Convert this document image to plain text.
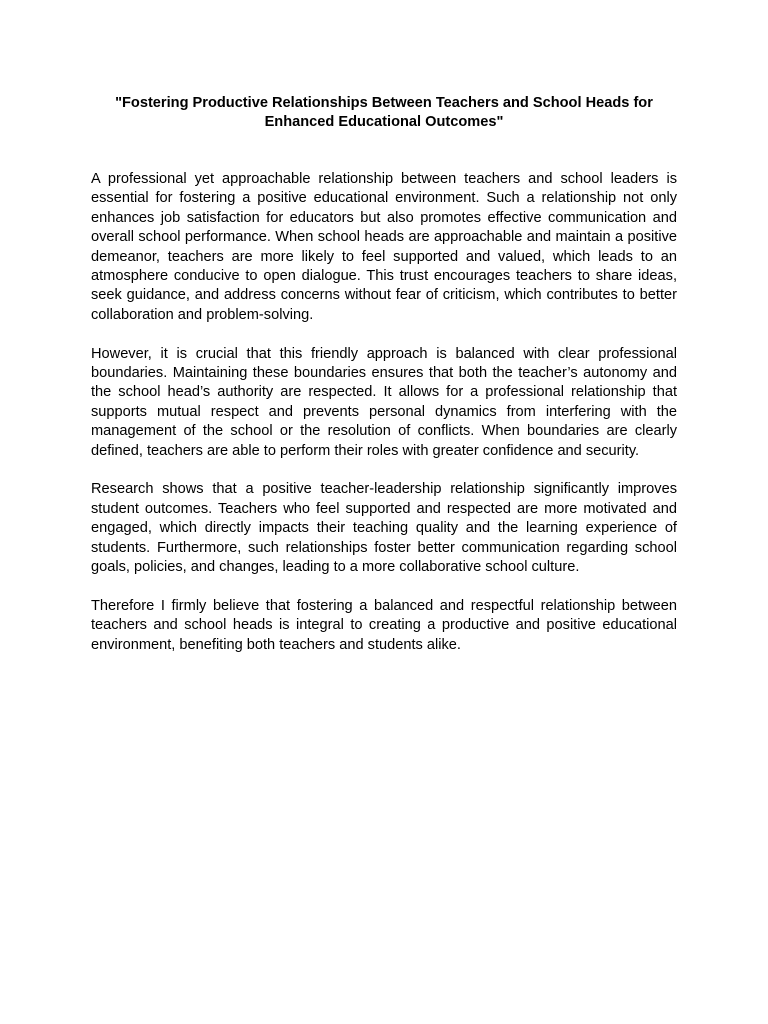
"Fostering Productive Relationships Between Teachers and School Heads for Enhanced Educational Outcomes"

A professional yet approachable relationship between teachers and school leaders is essential for fostering a positive educational environment. Such a relationship not only enhances job satisfaction for educators but also promotes effective communication and overall school performance. When school heads are approachable and maintain a positive demeanor, teachers are more likely to feel supported and valued, which leads to an atmosphere conducive to open dialogue. This trust encourages teachers to share ideas, seek guidance, and address concerns without fear of criticism, which contributes to better collaboration and problem-solving.

However, it is crucial that this friendly approach is balanced with clear professional boundaries. Maintaining these boundaries ensures that both the teacher’s autonomy and the school head’s authority are respected. It allows for a professional relationship that supports mutual respect and prevents personal dynamics from interfering with the management of the school or the resolution of conflicts. When boundaries are clearly defined, teachers are able to perform their roles with greater confidence and security.

Research shows that a positive teacher-leadership relationship significantly improves student outcomes. Teachers who feel supported and respected are more motivated and engaged, which directly impacts their teaching quality and the learning experience of students. Furthermore, such relationships foster better communication regarding school goals, policies, and changes, leading to a more collaborative school culture.

Therefore I firmly believe that fostering a balanced and respectful relationship between teachers and school heads is integral to creating a productive and positive educational environment, benefiting both teachers and students alike.
